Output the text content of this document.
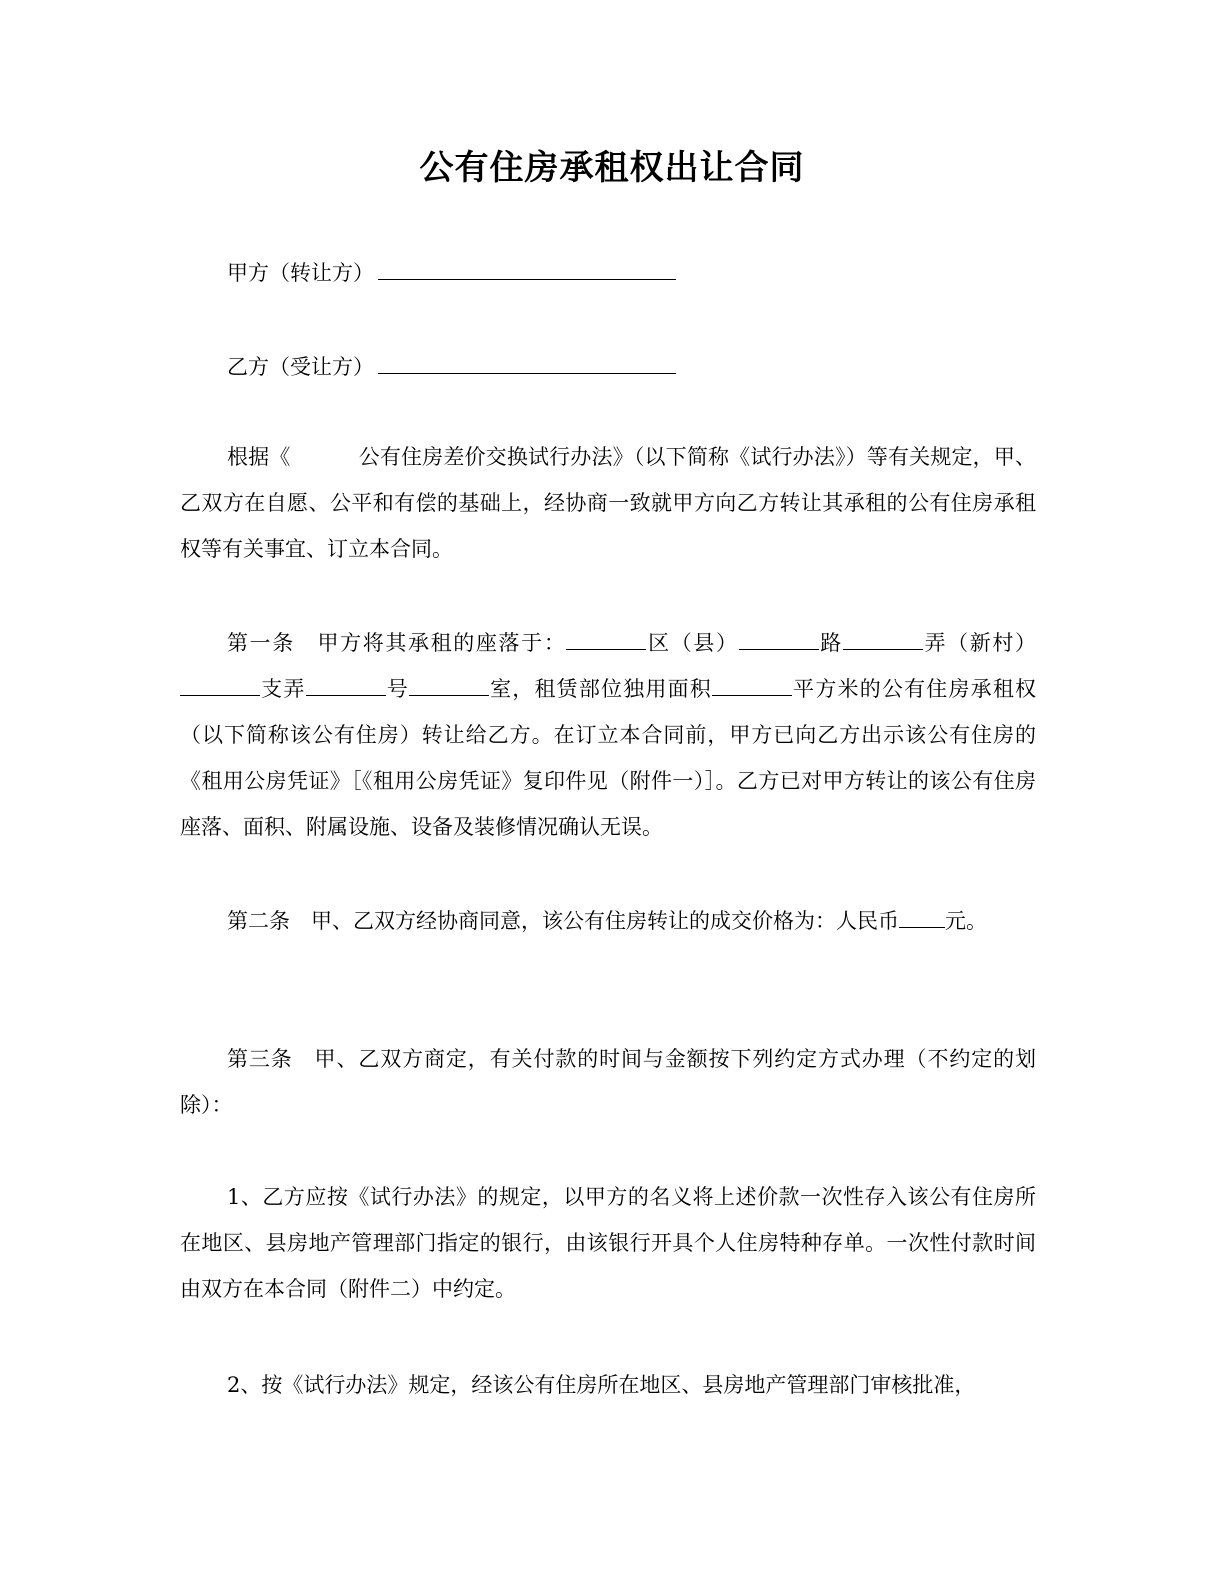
公有住房承租权出让合同
甲方（转让方）
乙方（受让方）

根据《	公有住房差价交换试行办法》（以下简称《试行办法》）等有关规定，甲、乙双方在自愿、公平和有偿的基础上，经协商一致就甲方向乙方转让其承租的公有住房承租权等有关事宜、订立本合同。

第一条　甲方将其承租的座落于：	区（县）	路	弄（新村）支弄	号	室，租赁部位独用面积	平方米的公有住房承租权（以下简称该公有住房）转让给乙方。在订立本合同前，甲方已向乙方出示该公有住房的《租用公房凭证》［《租用公房凭证》复印件见（附件一）］。乙方已对甲方转让的该公有住房座落、面积、附属设施、设备及装修情况确认无误。

第二条　甲、乙双方经协商同意，该公有住房转让的成交价格为：人民币 元。

第三条　甲、乙双方商定，有关付款的时间与金额按下列约定方式办理（不约定的划除）：

1、乙方应按《试行办法》的规定，以甲方的名义将上述价款一次性存入该公有住房所在地区、县房地产管理部门指定的银行，由该银行开具个人住房特种存单。一次性付款时间由双方在本合同（附件二）中约定。

2、按《试行办法》规定，经该公有住房所在地区、县房地产管理部门审核批准，
